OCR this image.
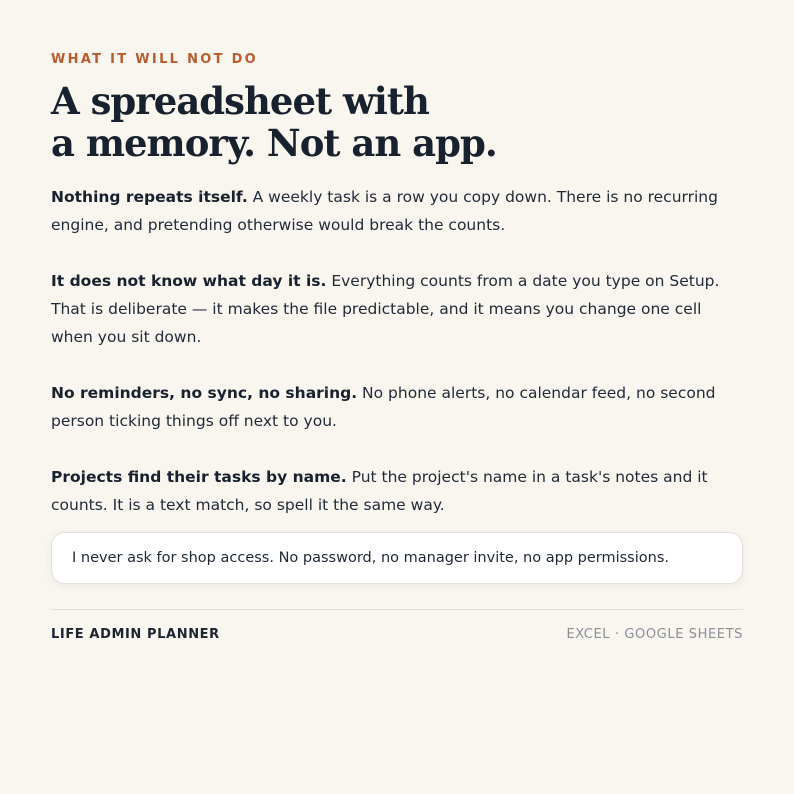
WHAT IT WILL NOT DO
A spreadsheet with
a memory. Not an app.

Nothing repeats itself. A weekly task is a row you copy down. There is no recurring engine, and pretending otherwise would break the counts.

It does not know what day it is. Everything counts from a date you type on Setup. That is deliberate — it makes the file predictable, and it means you change one cell when you sit down.

No reminders, no sync, no sharing. No phone alerts, no calendar feed, no second person ticking things off next to you.

Projects find their tasks by name. Put the project's name in a task's notes and it counts. It is a text match, so spell it the same way.

I never ask for shop access. No password, no manager invite, no app permissions.
LIFE ADMIN PLANNER	EXCEL · GOOGLE SHEETS
